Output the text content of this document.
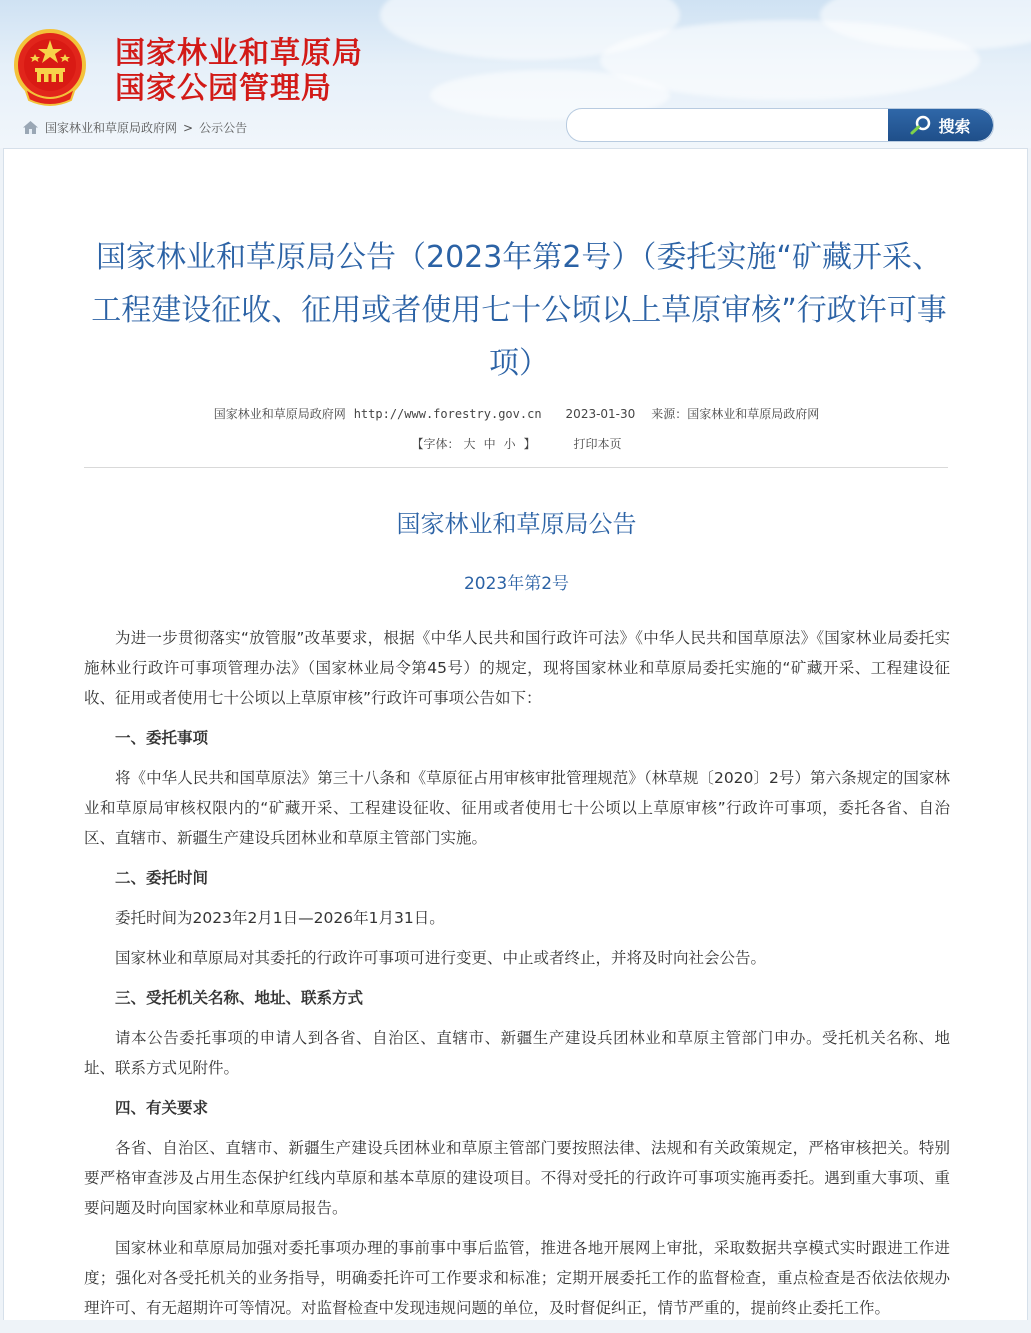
国家林业和草原局
国家公园管理局
国家林业和草原局政府网 > 公示公告	搜索
国家林业和草原局公告（2023年第2号）（委托实施“矿藏开采、工程建设征收、征用或者使用七十公顷以上草原审核”行政许可事项）
国家林业和草原局政府网 http://www.forestry.gov.cn 2023-01-30 来源：国家林业和草原局政府网
【字体： 大 中 小 】	打印本页
国家林业和草原局公告
2023年第2号

为进一步贯彻落实“放管服”改革要求，根据《中华人民共和国行政许可法》《中华人民共和国草原法》《国家林业局委托实施林业行政许可事项管理办法》（国家林业局令第45号）的规定，现将国家林业和草原局委托实施的“矿藏开采、工程建设征收、征用或者使用七十公顷以上草原审核”行政许可事项公告如下：

一、委托事项

将《中华人民共和国草原法》第三十八条和《草原征占用审核审批管理规范》（林草规〔2020〕2号）第六条规定的国家林业和草原局审核权限内的“矿藏开采、工程建设征收、征用或者使用七十公顷以上草原审核”行政许可事项，委托各省、自治区、直辖市、新疆生产建设兵团林业和草原主管部门实施。

二、委托时间

委托时间为2023年2月1日—2026年1月31日。

国家林业和草原局对其委托的行政许可事项可进行变更、中止或者终止，并将及时向社会公告。

三、受托机关名称、地址、联系方式

请本公告委托事项的申请人到各省、自治区、直辖市、新疆生产建设兵团林业和草原主管部门申办。受托机关名称、地址、联系方式见附件。

四、有关要求

各省、自治区、直辖市、新疆生产建设兵团林业和草原主管部门要按照法律、法规和有关政策规定，严格审核把关。特别要严格审查涉及占用生态保护红线内草原和基本草原的建设项目。不得对受托的行政许可事项实施再委托。遇到重大事项、重要问题及时向国家林业和草原局报告。

国家林业和草原局加强对委托事项办理的事前事中事后监管，推进各地开展网上审批，采取数据共享模式实时跟进工作进度；强化对各受托机关的业务指导，明确委托许可工作要求和标准；定期开展委托工作的监督检查，重点检查是否依法依规办理许可、有无超期许可等情况。对监督检查中发现违规问题的单位，及时督促纠正，情节严重的，提前终止委托工作。
